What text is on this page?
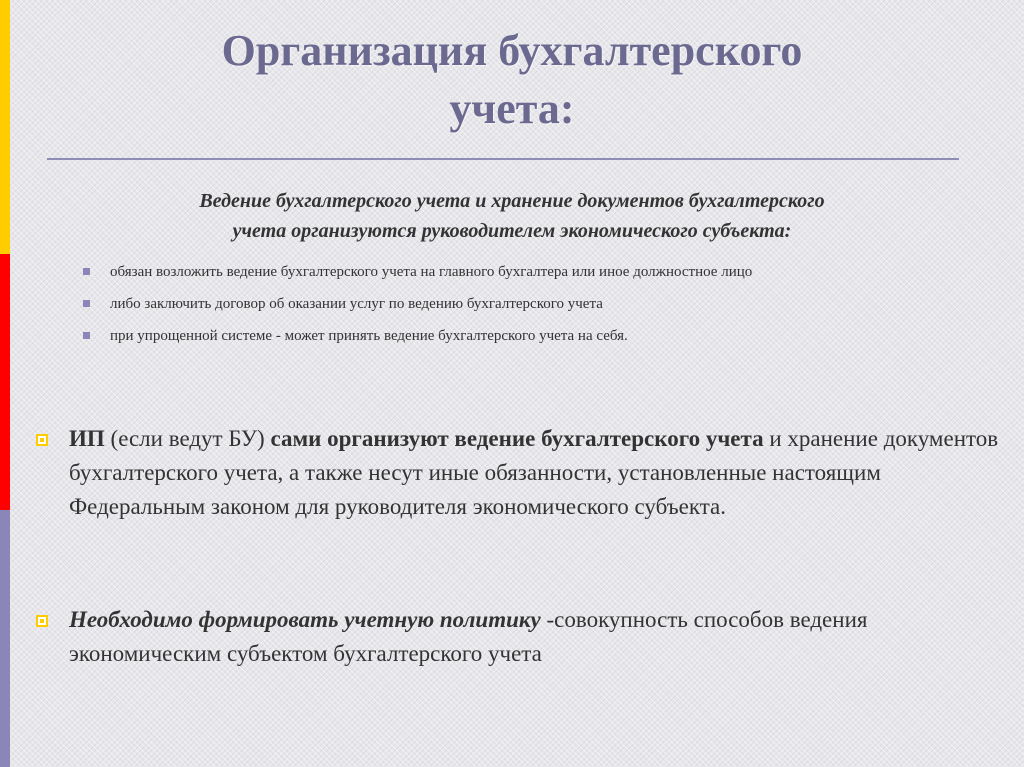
Организация бухгалтерского
учета:
Ведение бухгалтерского учета и хранение документов бухгалтерского
учета организуются руководителем экономического субъекта:
обязан возложить ведение бухгалтерского учета на главного бухгалтера или иное должностное лицо
либо заключить договор об оказании услуг по ведению бухгалтерского учета
при упрощенной системе - может принять ведение бухгалтерского учета на себя.
ИП (если ведут БУ) сами организуют ведение бухгалтерского учета и хранение документов бухгалтерского учета, а также несут иные обязанности, установленные настоящим Федеральным законом для руководителя экономического субъекта.
Необходимо формировать учетную политику -совокупность способов ведения экономическим субъектом бухгалтерского учета
